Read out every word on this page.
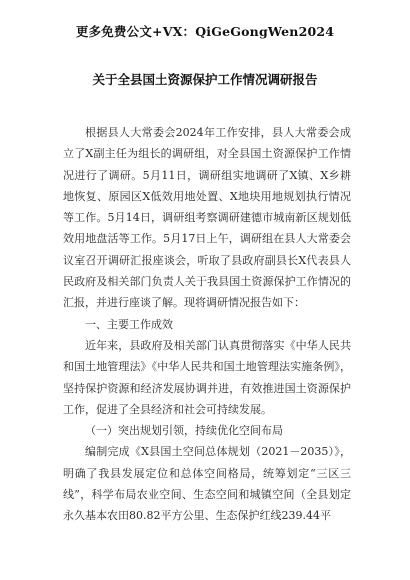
更多免费公文+VX：QiGeGongWen2024
关于全县国土资源保护工作情况调研报告

根据县人大常委会2024年工作安排，县人大常委会成立了X副主任为组长的调研组，对全县国土资源保护工作情况进行了调研。5月11日，调研组实地调研了X镇、X乡耕地恢复、原园区X低效用地处置、X地块用地规划执行情况等工作。5月14日，调研组考察调研建德市城南新区规划低效用地盘活等工作。5月17日上午，调研组在县人大常委会议室召开调研汇报座谈会，听取了县政府副县长X代表县人民政府及相关部门负责人关于我县国土资源保护工作情况的汇报，并进行座谈了解。现将调研情况报告如下：

一、主要工作成效

近年来，县政府及相关部门认真贯彻落实《中华人民共和国土地管理法》《中华人民共和国土地管理法实施条例》，坚持保护资源和经济发展协调并进，有效推进国土资源保护工作，促进了全县经济和社会可持续发展。

（一）突出规划引领，持续优化空间布局

编制完成《X县国土空间总体规划（2021－2035）》，明确了我县发展定位和总体空间格局，统筹划定“三区三线”，科学布局农业空间、生态空间和城镇空间（全县划定永久基本农田80.82平方公里、生态保护红线239.44平
